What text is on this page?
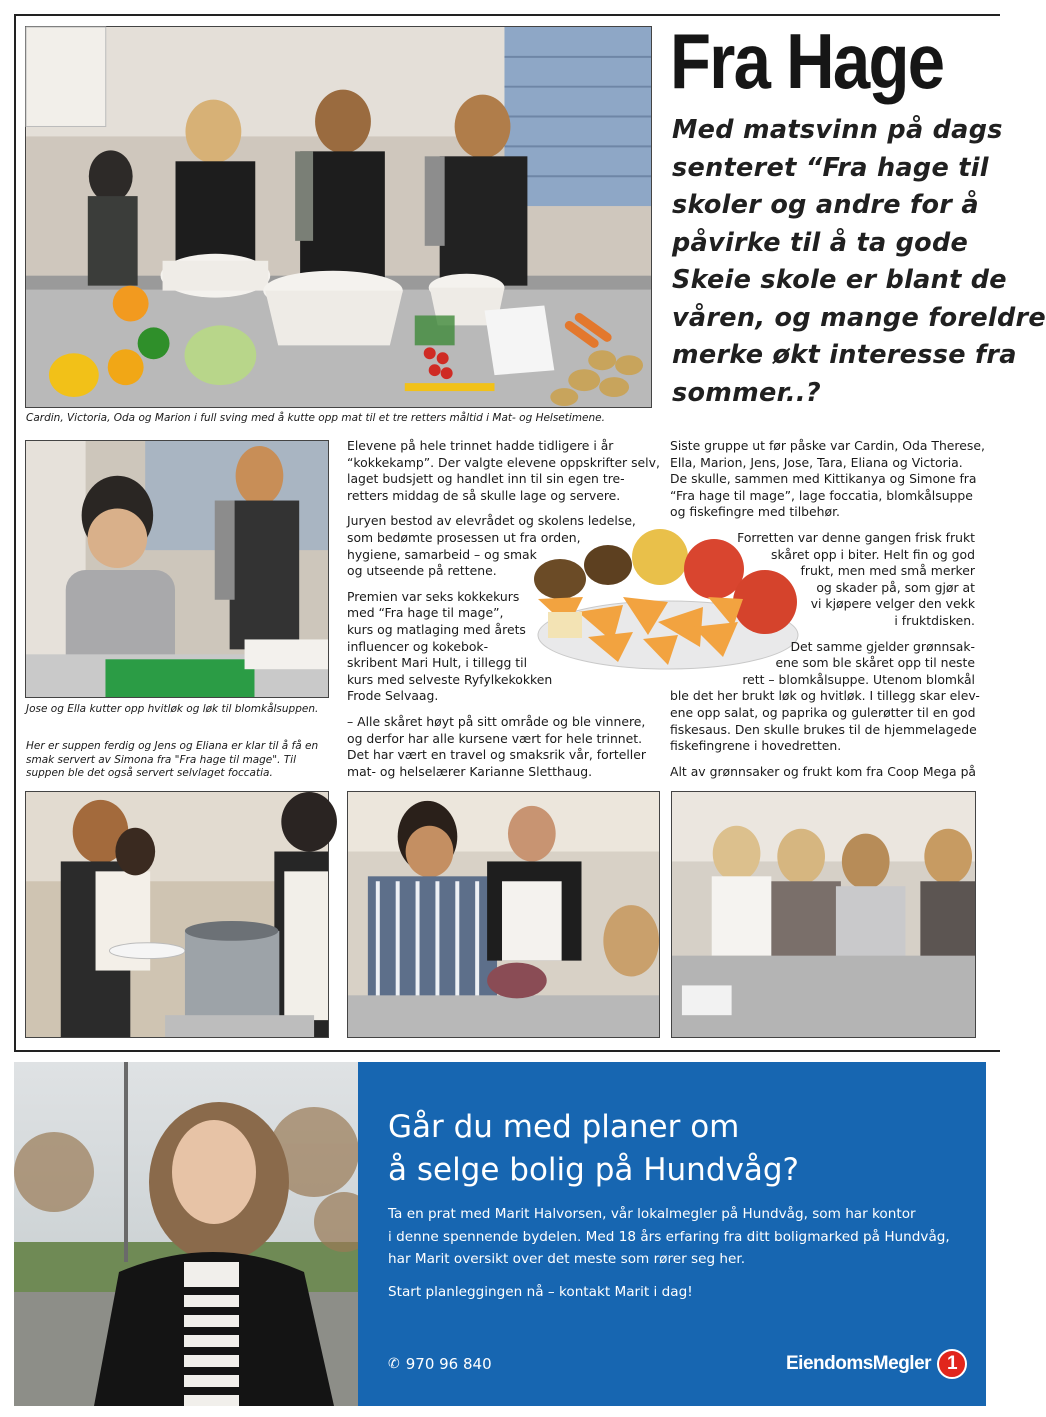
Cardin, Victoria, Oda og Marion i full sving med å kutte opp mat til et tre retters måltid i Mat- og Helsetimene.
Fra Hage
Med matsvinn på dags
senteret “Fra hage til
skoler og andre for å
påvirke til å ta gode
Skeie skole er blant de
våren, og mange foreldre
merke økt interesse fra
sommer..?
Jose og Ella kutter opp hvitløk og løk til blomkålsuppen.
Her er suppen ferdig og Jens og Eliana er klar til å få en
smak servert av Simona fra "Fra hage til mage". Til
suppen ble det også servert selvlaget foccatia.

Elevene på hele trinnet hadde tidligere i år
“kokkekamp”. Der valgte elevene oppskrifter selv,
laget budsjett og handlet inn til sin egen tre-
retters middag de så skulle lage og servere.

Juryen bestod av elevrådet og skolens ledelse,
som bedømte prosessen ut fra orden,
hygiene, samarbeid – og smak
og utseende på rettene.

Premien var seks kokkekurs
med “Fra hage til mage”,
kurs og matlaging med årets
influencer og kokebok-
skribent Mari Hult, i tillegg til
kurs med selveste Ryfylkekokken
Frode Selvaag.

– Alle skåret høyt på sitt område og ble vinnere,
og derfor har alle kursene vært for hele trinnet.
Det har vært en travel og smaksrik vår, forteller
mat- og helselærer Karianne Sletthaug.

Siste gruppe ut før påske var Cardin, Oda Therese,
Ella, Marion, Jens, Jose, Tara, Eliana og Victoria.
De skulle, sammen med Kittikanya og Simone fra
“Fra hage til mage”, lage foccatia, blomkålsuppe
og fiskefingre med tilbehør.

Forretten var denne gangen frisk frukt
skåret opp i biter. Helt fin og god
frukt, men med små merker
og skader på, som gjør at
vi kjøpere velger den vekk
i fruktdisken.

Det samme gjelder grønnsak-
ene som ble skåret opp til neste
rett – blomkålsuppe. Utenom blomkål
ble det her brukt løk og hvitløk. I tillegg skar elev-
ene opp salat, og paprika og gulerøtter til en god
fiskesaus. Den skulle brukes til de hjemmelagede
fiskefingrene i hovedretten.

Alt av grønnsaker og frukt kom fra Coop Mega på

Går du med planer om
å selge bolig på Hundvåg?
Ta en prat med Marit Halvorsen, vår lokalmegler på Hundvåg, som har kontor
i denne spennende bydelen. Med 18 års erfaring fra ditt boligmarked på Hundvåg,
har Marit oversikt over det meste som rører seg her.
Start planleggingen nå – kontakt Marit i dag!
✆ 970 96 840	EiendomsMegler 1
